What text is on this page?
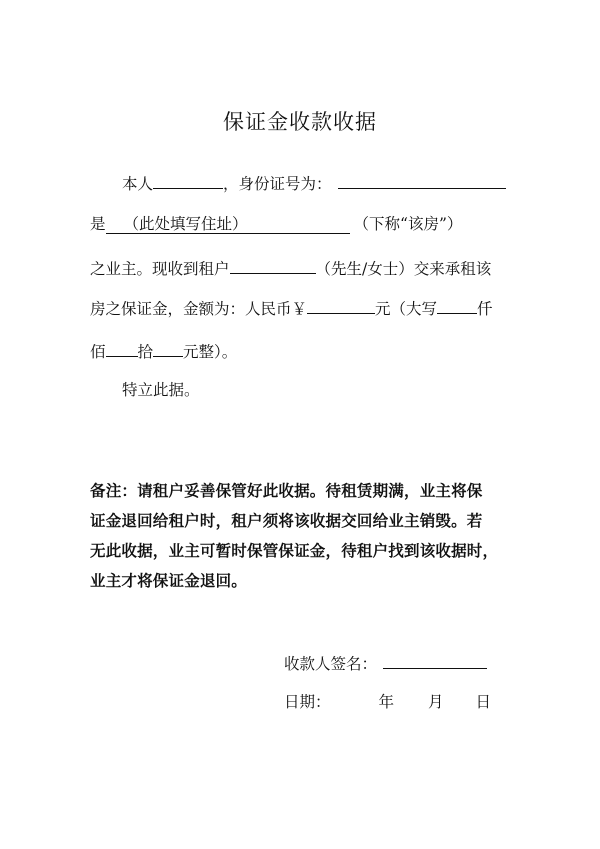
保证金收款收据
本人	，身份证号为：
是 （此处填写住址）	（下称“该房”）
之业主。现收到租户	（先生/女士）交来承租该
房之保证金，金额为：人民币￥	元（大写	仟
佰 拾 元整）。
特立此据。
备注：请租户妥善保管好此收据。待租赁期满，业主将保
证金退回给租户时，租户须将该收据交回给业主销毁。若
无此收据，业主可暂时保管保证金，待租户找到该收据时，
业主才将保证金退回。
收款人签名：
日期：	年 月 日
